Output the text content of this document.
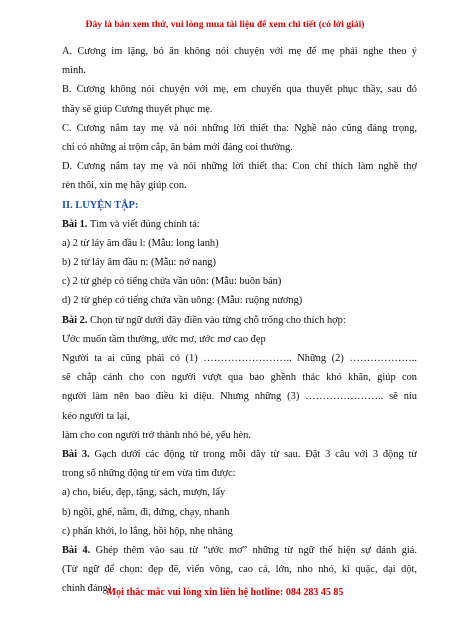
Đây là bản xem thử, vui lòng mua tài liệu để xem chi tiết (có lời giải)
A. Cương im lặng, bỏ ăn không nói chuyện với mẹ để mẹ phải nghe theo ý
mình.
B. Cương không nói chuyện với mẹ, em chuyển qua thuyết phục thầy, sau đó
thầy sẽ giúp Cương thuyết phục mẹ.
C. Cương nắm tay mẹ và nói những lời thiết tha: Nghề nào cũng đáng trọng,
chỉ có những ai trộm cắp, ăn bám mới đáng coi thường.
D. Cương nắm tay mẹ và nói những lời thiết tha: Con chỉ thích làm nghề thợ
rèn thôi, xin mẹ hãy giúp con.
II. LUYỆN TẬP:
Bài 1. Tìm và viết đúng chính tả:
a) 2 từ láy âm đầu l: (Mẫu: long lanh)
b) 2 từ láy âm đầu n: (Mẫu: nở nang)
c) 2 từ ghép có tiếng chứa vần uôn: (Mẫu: buôn bán)
d) 2 từ ghép có tiếng chứa vần uông: (Mẫu: ruộng nương)
Bài 2. Chọn từ ngữ dưới đây điền vào từng chỗ trống cho thích hợp:
Ước muốn tầm thường, ước mơ, ước mơ cao đẹp
Người ta ai cũng phải có (1) …………………….. Những (2) ………………..
sẽ chắp cánh cho con người vượt qua bao ghềnh thác khó khăn, giúp con
người làm nên bao điều kì diệu. Nhưng những (3) ………………….. sẽ níu
kéo người ta lại,
làm cho con người trở thành nhỏ bé, yếu hèn.
Bài 3. Gạch dưới các động từ trong mỗi dãy từ sau. Đặt 3 câu với 3 động từ
trong số những động từ em vừa tìm được:
a) cho, biếu, đẹp, tặng, sách, mượn, lấy
b) ngồi, ghế, nằm, đi, đứng, chạy, nhanh
c) phấn khởi, lo lắng, hồi hộp, nhẹ nhàng
Bài 4. Ghép thêm vào sau từ “ước mơ” những từ ngữ thể hiện sự đánh giá.
(Từ ngữ để chọn: đẹp đẽ, viển vông, cao cả, lớn, nho nhỏ, kì quặc, dại dột,
chính đáng)
Mọi thắc mắc vui lòng xin liên hệ hotline: 084 283 45 85
